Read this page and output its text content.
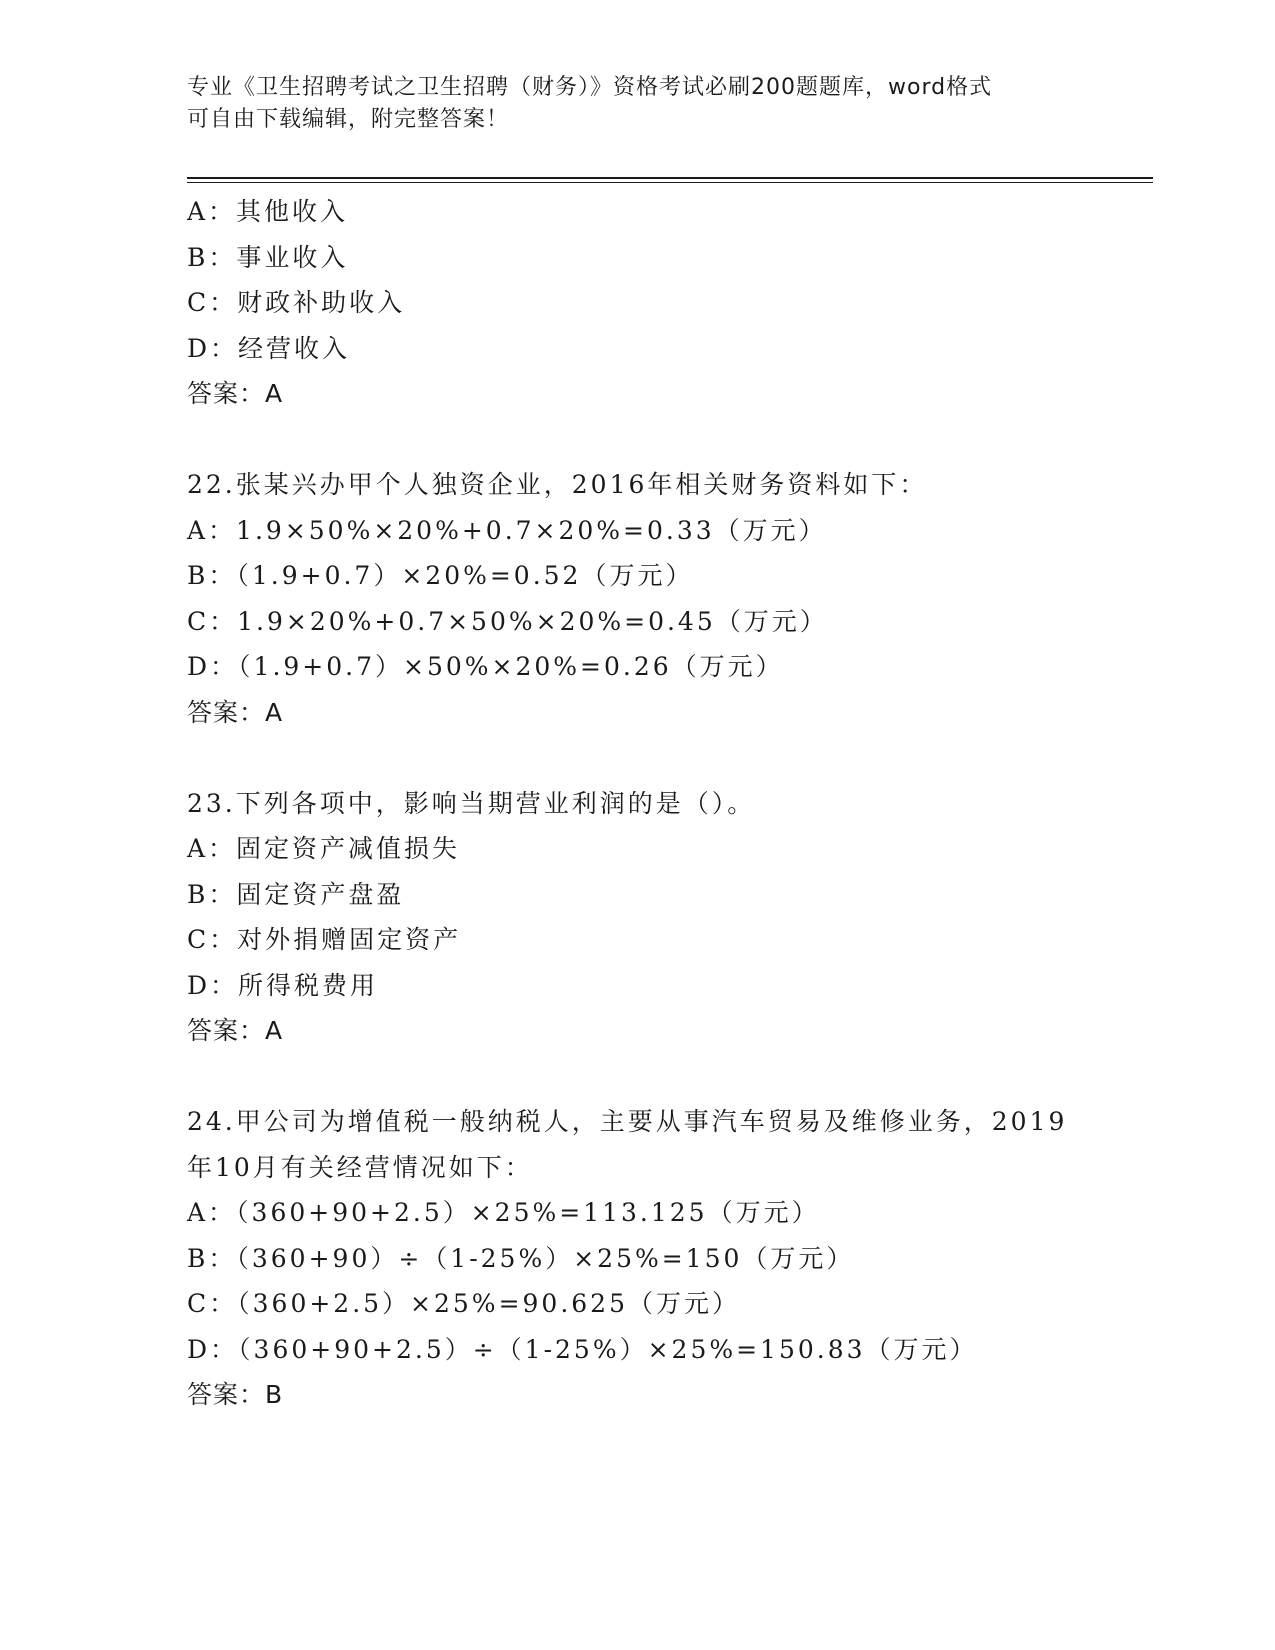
专业《卫生招聘考试之卫生招聘（财务）》资格考试必刷200题题库，word格式
可自由下载编辑，附完整答案！
A：其他收入
B：事业收入
C：财政补助收入
D：经营收入
答案：A
22.张某兴办甲个人独资企业，2016年相关财务资料如下：
A：1.9×50%×20%+0.7×20%=0.33（万元）
B：（1.9+0.7）×20%=0.52（万元）
C：1.9×20%+0.7×50%×20%=0.45（万元）
D：（1.9+0.7）×50%×20%=0.26（万元）
答案：A
23.下列各项中，影响当期营业利润的是（）。
A：固定资产减值损失
B：固定资产盘盈
C：对外捐赠固定资产
D：所得税费用
答案：A
24.甲公司为增值税一般纳税人，主要从事汽车贸易及维修业务，2019
年10月有关经营情况如下：
A：（360+90+2.5）×25%=113.125（万元）
B：（360+90）÷（1-25%）×25%=150（万元）
C：（360+2.5）×25%=90.625（万元）
D：（360+90+2.5）÷（1-25%）×25%=150.83（万元）
答案：B
